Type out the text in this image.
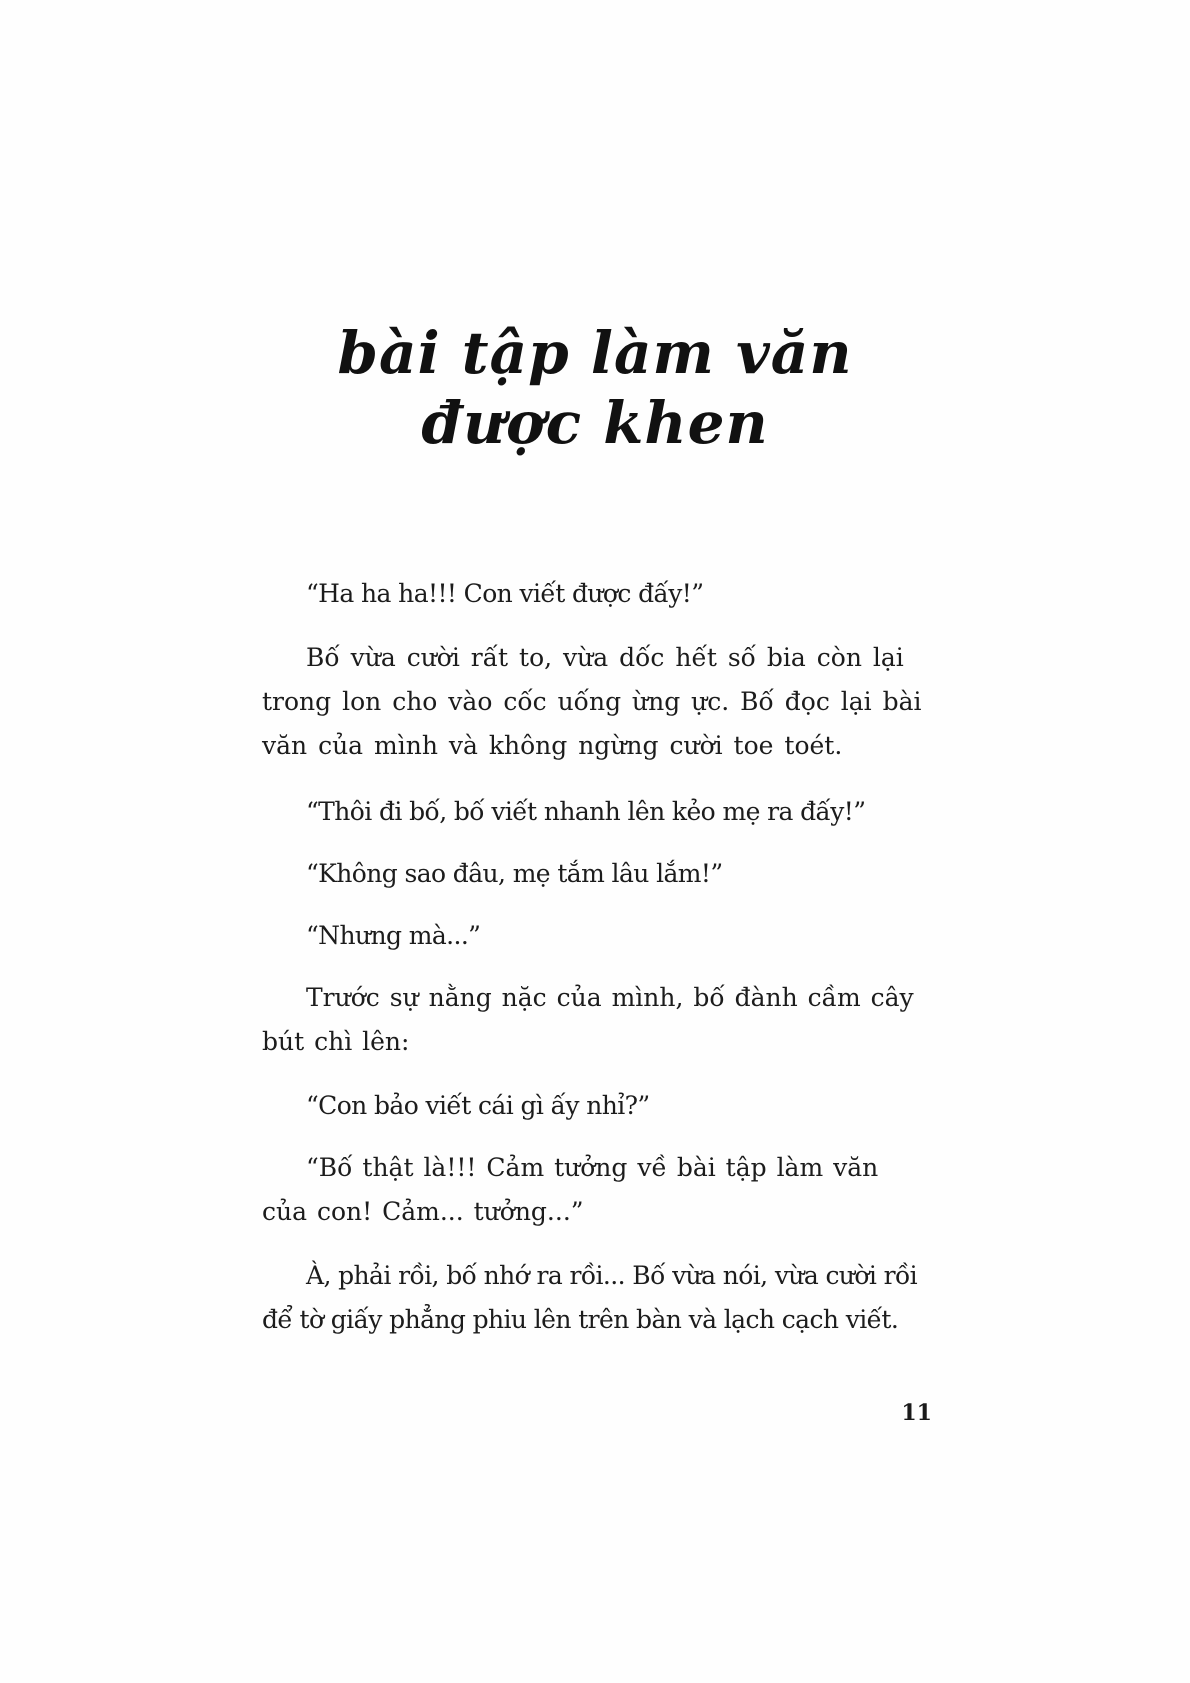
bài tập làm văn
được khen

“Ha ha ha!!! Con viết được đấy!”

Bố vừa cười rất to, vừa dốc hết số bia còn lại trong lon cho vào cốc uống ừng ực. Bố đọc lại bài văn của mình và không ngừng cười toe toét.

“Thôi đi bố, bố viết nhanh lên kẻo mẹ ra đấy!”

“Không sao đâu, mẹ tắm lâu lắm!”

“Nhưng mà...”

Trước sự nằng nặc của mình, bố đành cầm cây bút chì lên:

“Con bảo viết cái gì ấy nhỉ?”

“Bố thật là!!! Cảm tưởng về bài tập làm văn của con! Cảm... tưởng...”

À, phải rồi, bố nhớ ra rồi... Bố vừa nói, vừa cười rồi để tờ giấy phẳng phiu lên trên bàn và lạch cạch viết.

11
